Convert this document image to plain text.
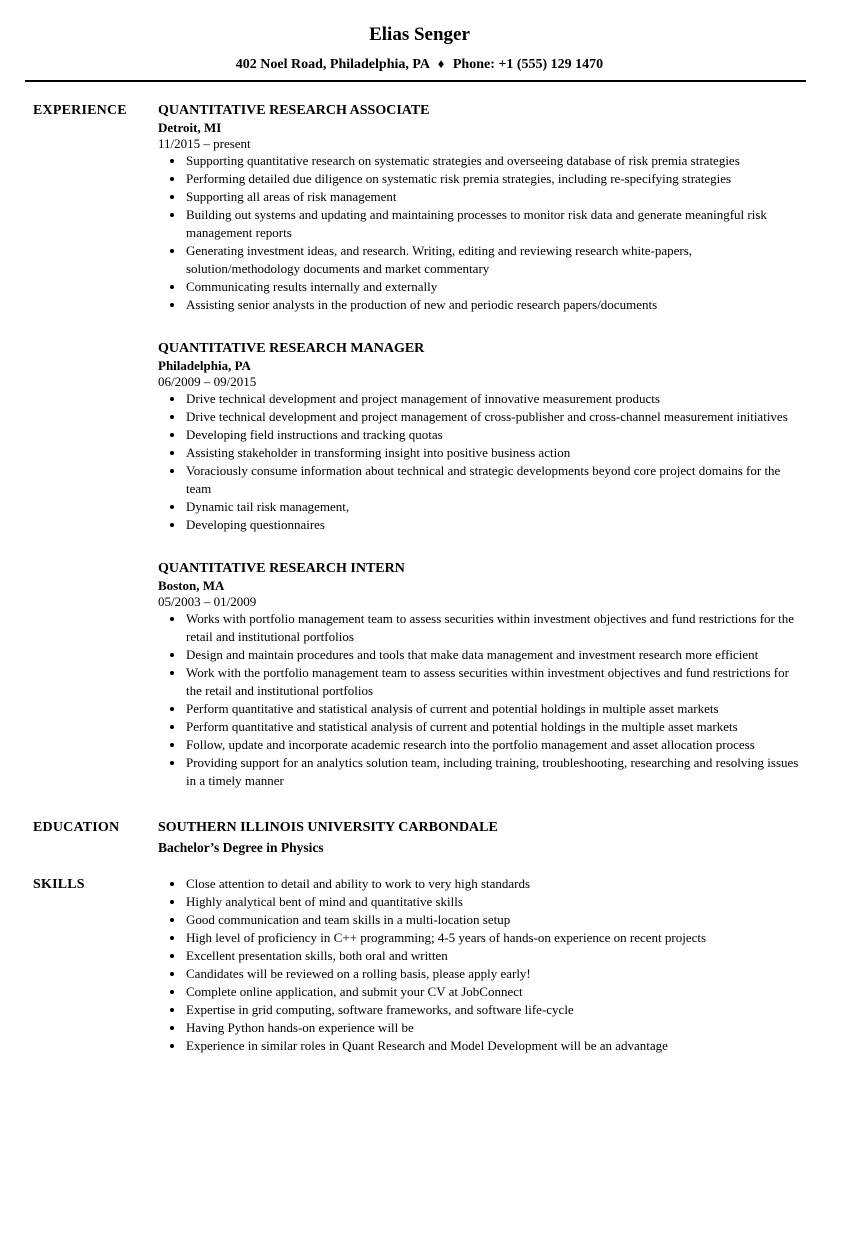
Elias Senger
402 Noel Road, Philadelphia, PA ♦ Phone: +1 (555) 129 1470
EXPERIENCE	QUANTITATIVE RESEARCH ASSOCIATE
Detroit, MI
11/2015 – present
• Supporting quantitative research on systematic strategies and overseeing database of risk premia strategies
• Performing detailed due diligence on systematic risk premia strategies, including re-specifying strategies
• Supporting all areas of risk management
• Building out systems and updating and maintaining processes to monitor risk data and generate meaningful risk management reports
• Generating investment ideas, and research. Writing, editing and reviewing research white-papers, solution/methodology documents and market commentary
• Communicating results internally and externally
• Assisting senior analysts in the production of new and periodic research papers/documents
QUANTITATIVE RESEARCH MANAGER
Philadelphia, PA
06/2009 – 09/2015
• Drive technical development and project management of innovative measurement products
• Drive technical development and project management of cross-publisher and cross-channel measurement initiatives
• Developing field instructions and tracking quotas
• Assisting stakeholder in transforming insight into positive business action
• Voraciously consume information about technical and strategic developments beyond core project domains for the team
• Dynamic tail risk management,
• Developing questionnaires
QUANTITATIVE RESEARCH INTERN
Boston, MA
05/2003 – 01/2009
• Works with portfolio management team to assess securities within investment objectives and fund restrictions for the retail and institutional portfolios
• Design and maintain procedures and tools that make data management and investment research more efficient
• Work with the portfolio management team to assess securities within investment objectives and fund restrictions for the retail and institutional portfolios
• Perform quantitative and statistical analysis of current and potential holdings in multiple asset markets
• Perform quantitative and statistical analysis of current and potential holdings in the multiple asset markets
• Follow, update and incorporate academic research into the portfolio management and asset allocation process
• Providing support for an analytics solution team, including training, troubleshooting, researching and resolving issues in a timely manner
EDUCATION	SOUTHERN ILLINOIS UNIVERSITY CARBONDALE
Bachelor’s Degree in Physics
SKILLS	• Close attention to detail and ability to work to very high standards
• Highly analytical bent of mind and quantitative skills
• Good communication and team skills in a multi-location setup
• High level of proficiency in C++ programming; 4-5 years of hands-on experience on recent projects
• Excellent presentation skills, both oral and written
• Candidates will be reviewed on a rolling basis, please apply early!
• Complete online application, and submit your CV at JobConnect
• Expertise in grid computing, software frameworks, and software life-cycle
• Having Python hands-on experience will be
• Experience in similar roles in Quant Research and Model Development will be an advantage
